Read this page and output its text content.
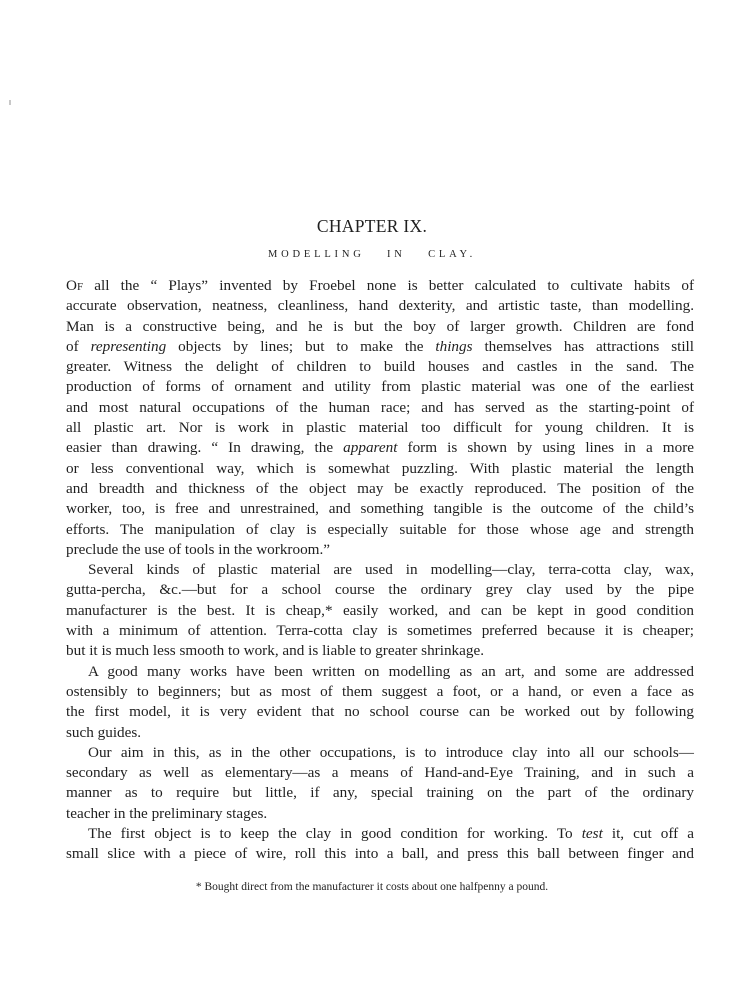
CHAPTER IX.
MODELLING IN CLAY.
Of all the “ Plays” invented by Froebel none is better calculated to cultivate habits of
accurate observation, neatness, cleanliness, hand dexterity, and artistic taste, than modelling.
Man is a constructive being, and he is but the boy of larger growth. Children are fond
of representing objects by lines; but to make the things themselves has attractions still
greater. Witness the delight of children to build houses and castles in the sand. The
production of forms of ornament and utility from plastic material was one of the earliest
and most natural occupations of the human race; and has served as the starting-point of
all plastic art. Nor is work in plastic material too difficult for young children. It is
easier than drawing. “ In drawing, the apparent form is shown by using lines in a more
or less conventional way, which is somewhat puzzling. With plastic material the length
and breadth and thickness of the object may be exactly reproduced. The position of the
worker, too, is free and unrestrained, and something tangible is the outcome of the child’s
efforts. The manipulation of clay is especially suitable for those whose age and strength
preclude the use of tools in the workroom.”
Several kinds of plastic material are used in modelling—clay, terra-cotta clay, wax,
gutta-percha, &c.—but for a school course the ordinary grey clay used by the pipe
manufacturer is the best. It is cheap,* easily worked, and can be kept in good condition
with a minimum of attention. Terra-cotta clay is sometimes preferred because it is cheaper;
but it is much less smooth to work, and is liable to greater shrinkage.
A good many works have been written on modelling as an art, and some are addressed
ostensibly to beginners; but as most of them suggest a foot, or a hand, or even a face as
the first model, it is very evident that no school course can be worked out by following
such guides.
Our aim in this, as in the other occupations, is to introduce clay into all our schools—
secondary as well as elementary—as a means of Hand-and-Eye Training, and in such a
manner as to require but little, if any, special training on the part of the ordinary
teacher in the preliminary stages.
The first object is to keep the clay in good condition for working. To test it, cut off a
small slice with a piece of wire, roll this into a ball, and press this ball between finger and
* Bought direct from the manufacturer it costs about one halfpenny a pound.
